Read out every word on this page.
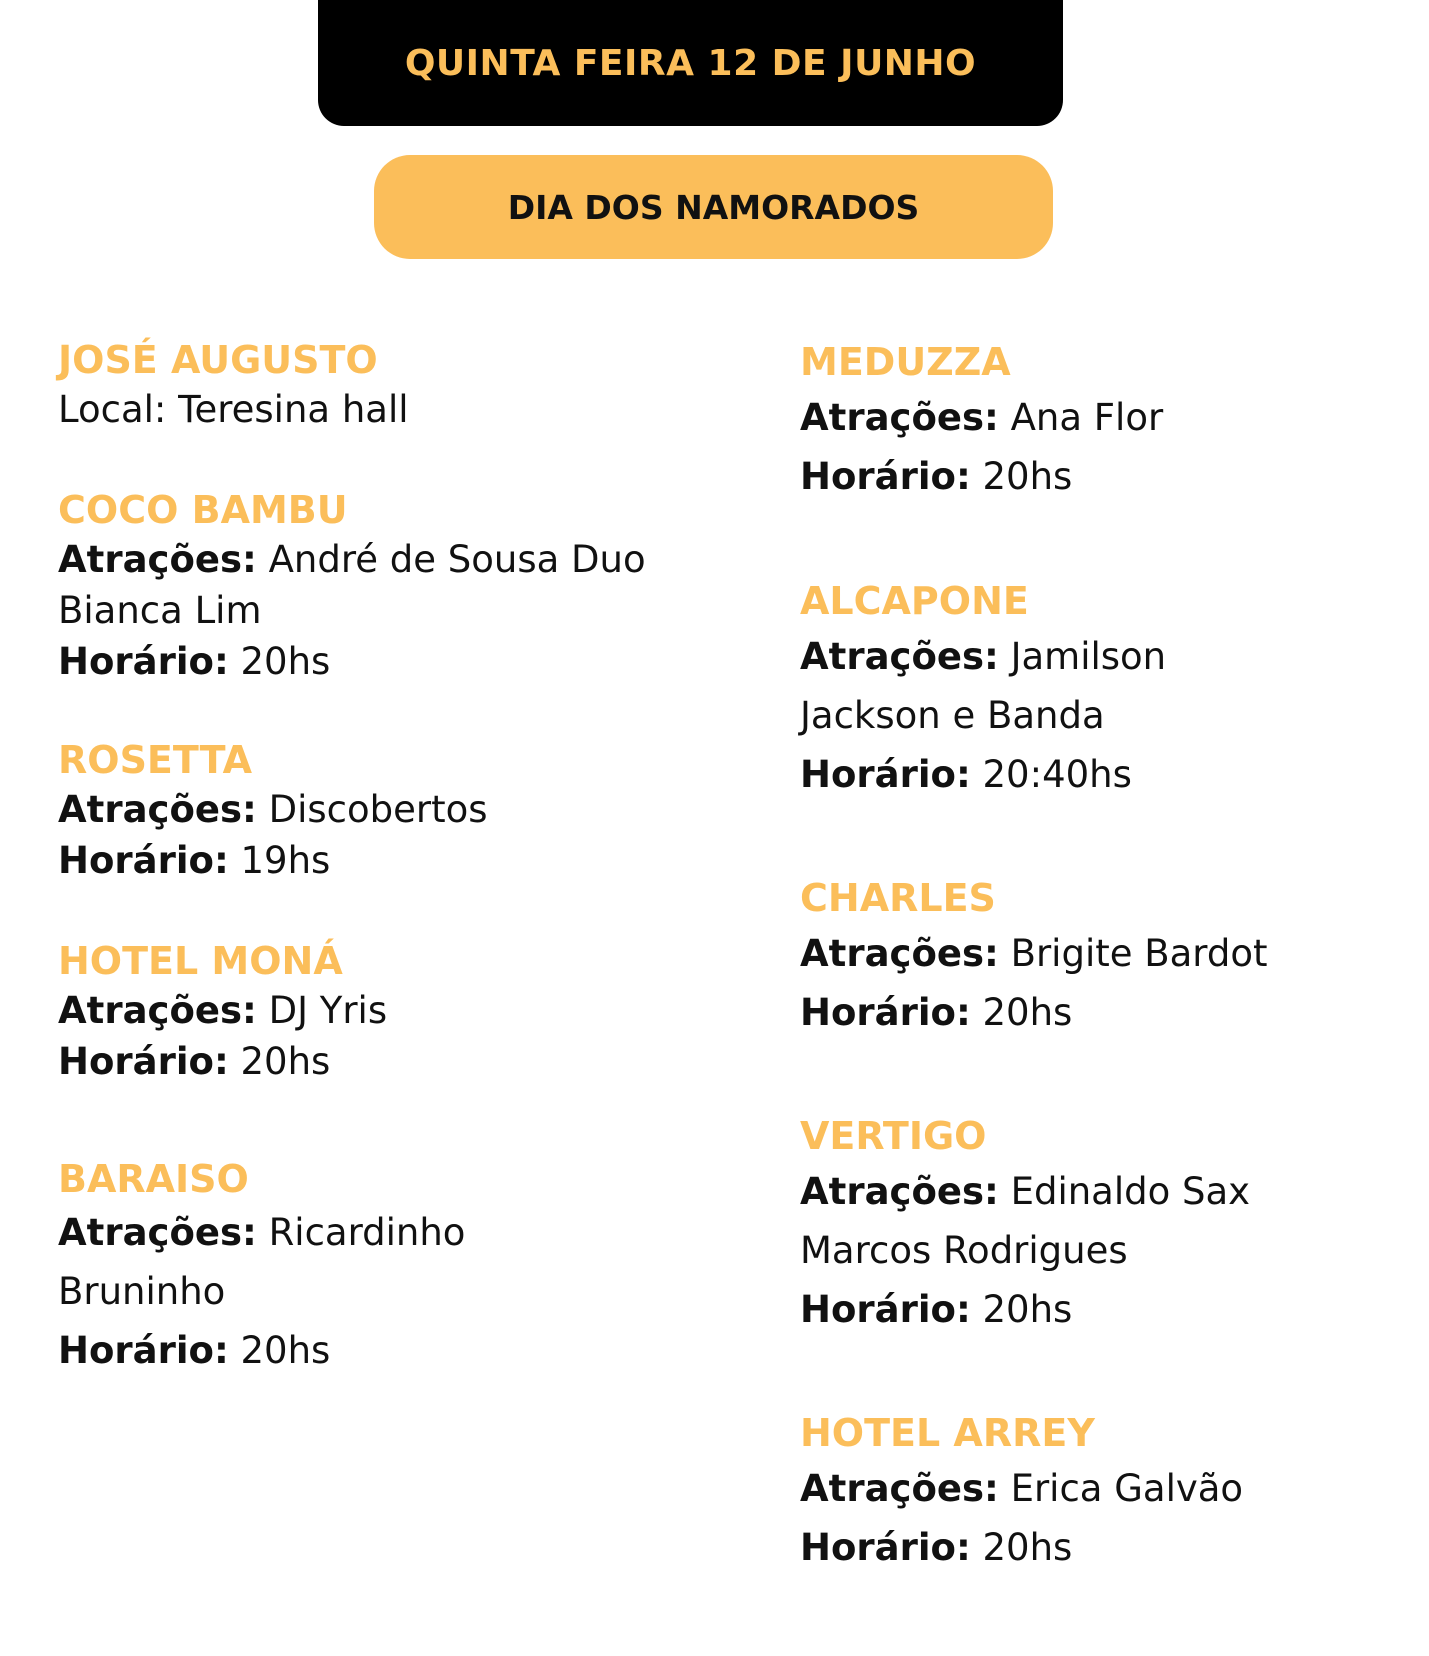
QUINTA FEIRA 12 DE JUNHO
DIA DOS NAMORADOS
JOSÉ AUGUSTO
Local: Teresina hall
COCO BAMBU
Atrações: André de Sousa Duo
Bianca Lim
Horário: 20hs
ROSETTA
Atrações: Discobertos
Horário: 19hs
HOTEL MONÁ
Atrações: DJ Yris
Horário: 20hs
BARAISO
Atrações: Ricardinho
Bruninho
Horário: 20hs
MEDUZZA
Atrações: Ana Flor
Horário: 20hs
ALCAPONE
Atrações: Jamilson
Jackson e Banda
Horário: 20:40hs
CHARLES
Atrações: Brigite Bardot
Horário: 20hs
VERTIGO
Atrações: Edinaldo Sax
Marcos Rodrigues
Horário: 20hs
HOTEL ARREY
Atrações: Erica Galvão
Horário: 20hs
